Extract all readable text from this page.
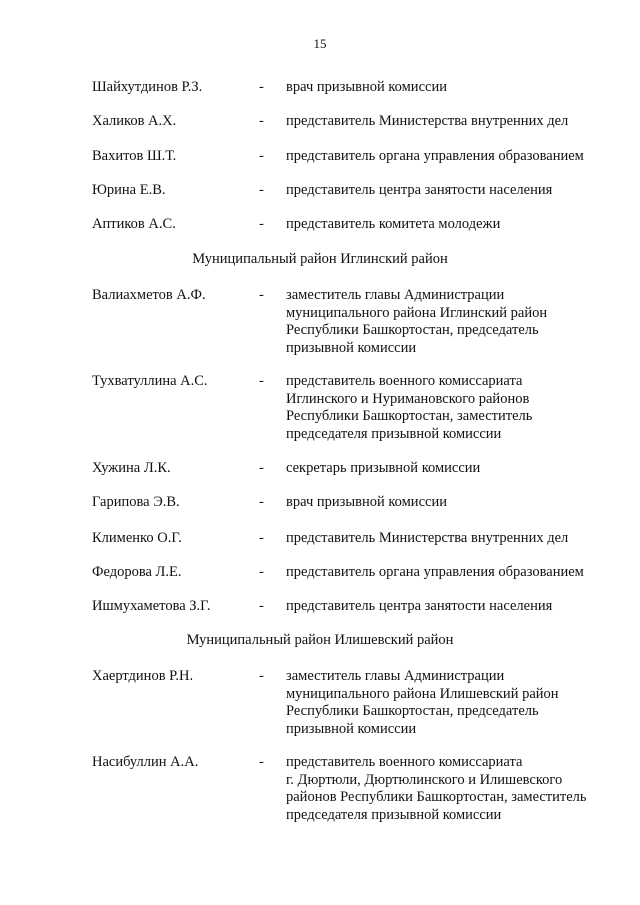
15
Шайхутдинов Р.З.	- врач призывной комиссии
Халиков А.Х.	- представитель Министерства внутренних дел
Вахитов Ш.Т.	- представитель органа управления образованием
Юрина Е.В.	- представитель центра занятости населения
Аптиков А.С.	- представитель комитета молодежи
Муниципальный район Иглинский район
Валиахметов А.Ф.	- заместитель главы Администрации
муниципального района Иглинский район
Республики Башкортостан, председатель
призывной комиссии
Тухватуллина А.С.	- представитель военного комиссариата
Иглинского и Нуримановского районов
Республики Башкортостан, заместитель
председателя призывной комиссии
Хужина Л.К.	- секретарь призывной комиссии
Гарипова Э.В.	- врач призывной комиссии
Клименко О.Г.	- представитель Министерства внутренних дел
Федорова Л.Е.	- представитель органа управления образованием
Ишмухаметова З.Г.	- представитель центра занятости населения
Муниципальный район Илишевский район
Хаертдинов Р.Н.	- заместитель главы Администрации
муниципального района Илишевский район
Республики Башкортостан, председатель
призывной комиссии
Насибуллин А.А.	- представитель военного комиссариата
г. Дюртюли, Дюртюлинского и Илишевского
районов Республики Башкортостан, заместитель
председателя призывной комиссии
